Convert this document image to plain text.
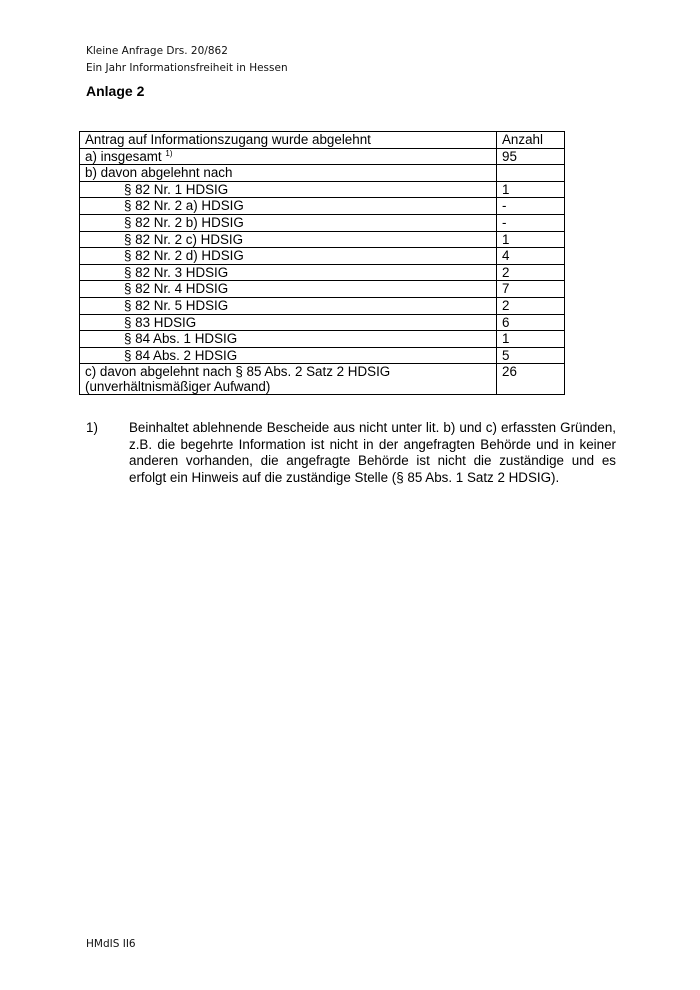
Kleine Anfrage Drs. 20/862
Ein Jahr Informationsfreiheit in Hessen
Anlage 2
Antrag auf Informationszugang wurde abgelehnt	Anzahl
a) insgesamt $^{1)}$	95
b) davon abgelehnt nach	
§ 82 Nr. 1 HDSIG	1
§ 82 Nr. 2 a) HDSIG	-
§ 82 Nr. 2 b) HDSIG	-
§ 82 Nr. 2 c) HDSIG	1
§ 82 Nr. 2 d) HDSIG	4
§ 82 Nr. 3 HDSIG	2
§ 82 Nr. 4 HDSIG	7
§ 82 Nr. 5 HDSIG	2
§ 83 HDSIG	6
§ 84 Abs. 1 HDSIG	1
§ 84 Abs. 2 HDSIG	5

c) davon abgelehnt nach § 85 Abs. 2 Satz 2 HDSIG
(unverhältnismäßiger Aufwand)	26
1) Beinhaltet ablehnende Bescheide aus nicht unter lit. b) und c) erfassten Gründen, z.B. die begehrte Information ist nicht in der angefragten Behörde und in keiner anderen vorhanden, die angefragte Behörde ist nicht die zuständige und es erfolgt ein Hinweis auf die zuständige Stelle (§ 85 Abs. 1 Satz 2 HDSIG).
HMdIS II6
